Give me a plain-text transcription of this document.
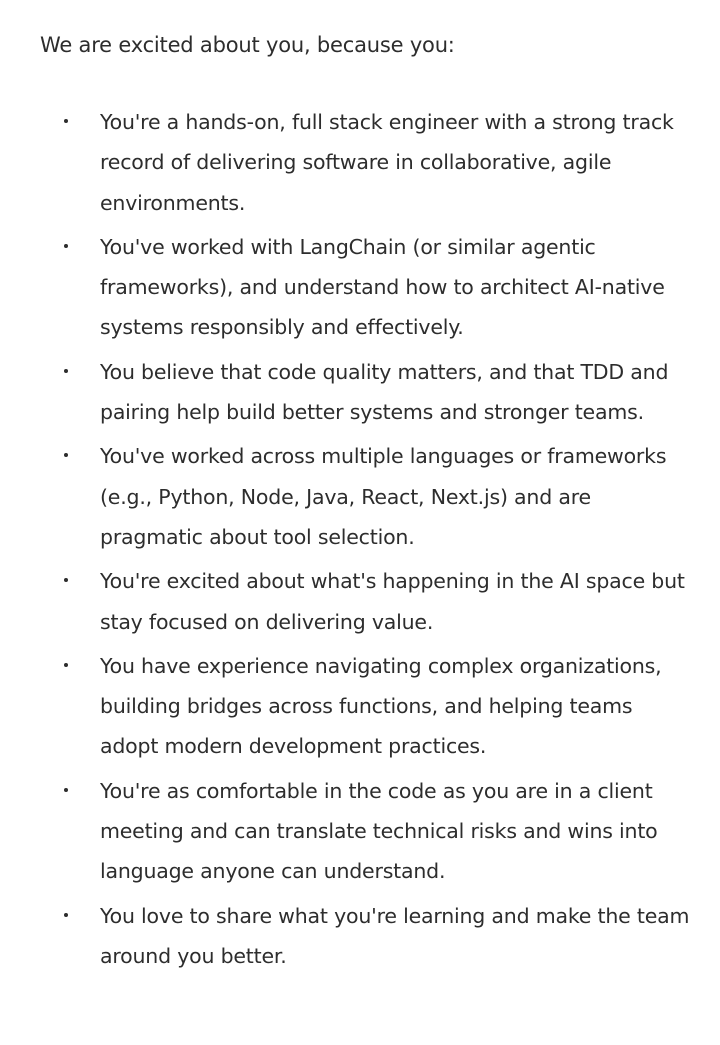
We are excited about you, because you:

You're a hands-on, full stack engineer with a strong track record of delivering software in collaborative, agile environments.
You've worked with LangChain (or similar agentic frameworks), and understand how to architect AI-native systems responsibly and effectively.
You believe that code quality matters, and that TDD and pairing help build better systems and stronger teams.
You've worked across multiple languages or frameworks (e.g., Python, Node, Java, React, Next.js) and are pragmatic about tool selection.
You're excited about what's happening in the AI space but stay focused on delivering value.
You have experience navigating complex organizations, building bridges across functions, and helping teams adopt modern development practices.
You're as comfortable in the code as you are in a client meeting and can translate technical risks and wins into language anyone can understand.
You love to share what you're learning and make the team around you better.
